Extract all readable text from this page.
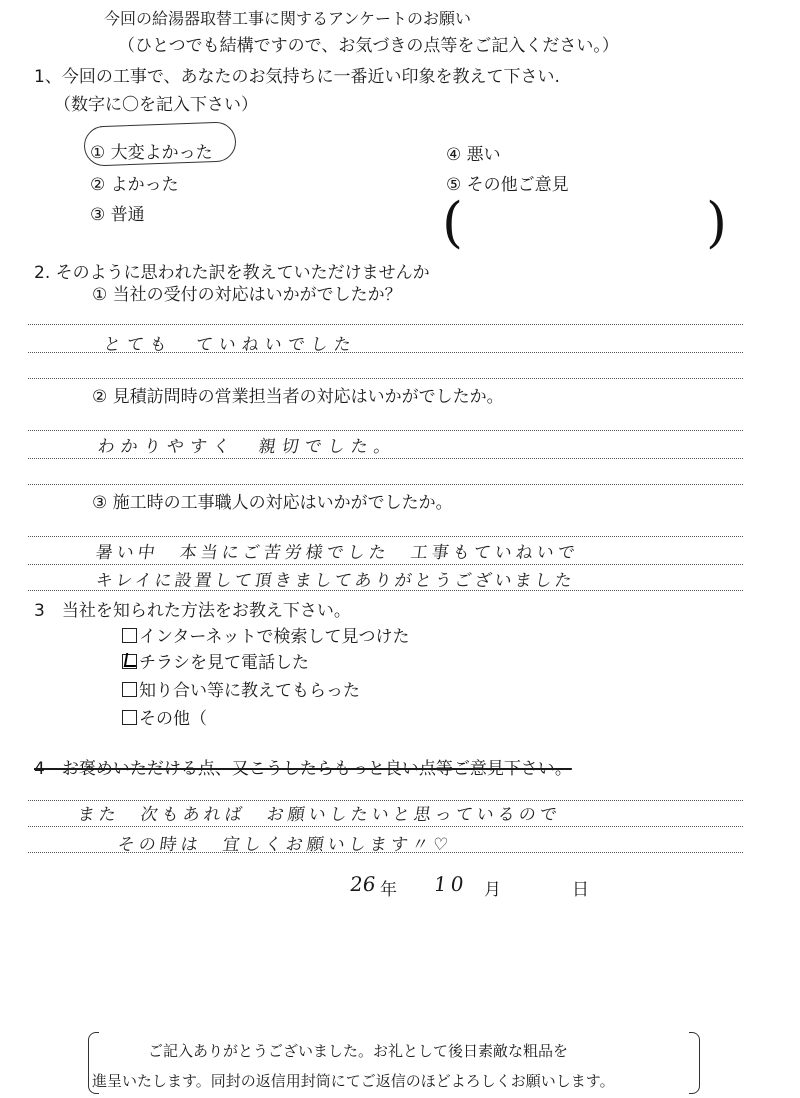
今回の給湯器取替工事に関するアンケートのお願い
（ひとつでも結構ですので、お気づきの点等をご記入ください。）
1、今回の工事で、あなたのお気持ちに一番近い印象を教えて下さい.
（数字に〇を記入下さい）
① 大変よかった
② よかった
③ 普通
④ 悪い
⑤ その他ご意見
(	)
2. そのように思われた訳を教えていただけませんか
① 当社の受付の対応はいかがでしたか？
とても　ていねいでした
② 見積訪問時の営業担当者の対応はいかがでしたか。
わかりやすく　親切でした。
③ 施工時の工事職人の対応はいかがでしたか。
暑い中　本当にご苦労様でした　工事もていねいで
キレイに設置して頂きましてありがとうございました
3　当社を知られた方法をお教え下さい。
インターネットで検索して見つけた
チラシを見て電話した
知り合い等に教えてもらった
その他（
4　お褒めいただける点、又こうしたらもっと良い点等ご意見下さい。
また　次もあれば　お願いしたいと思っているので
その時は　宜しくお願いします〃♡
26 年 10 月	日
ご記入ありがとうございました。お礼として後日素敵な粗品を
進呈いたします。同封の返信用封筒にてご返信のほどよろしくお願いします。
